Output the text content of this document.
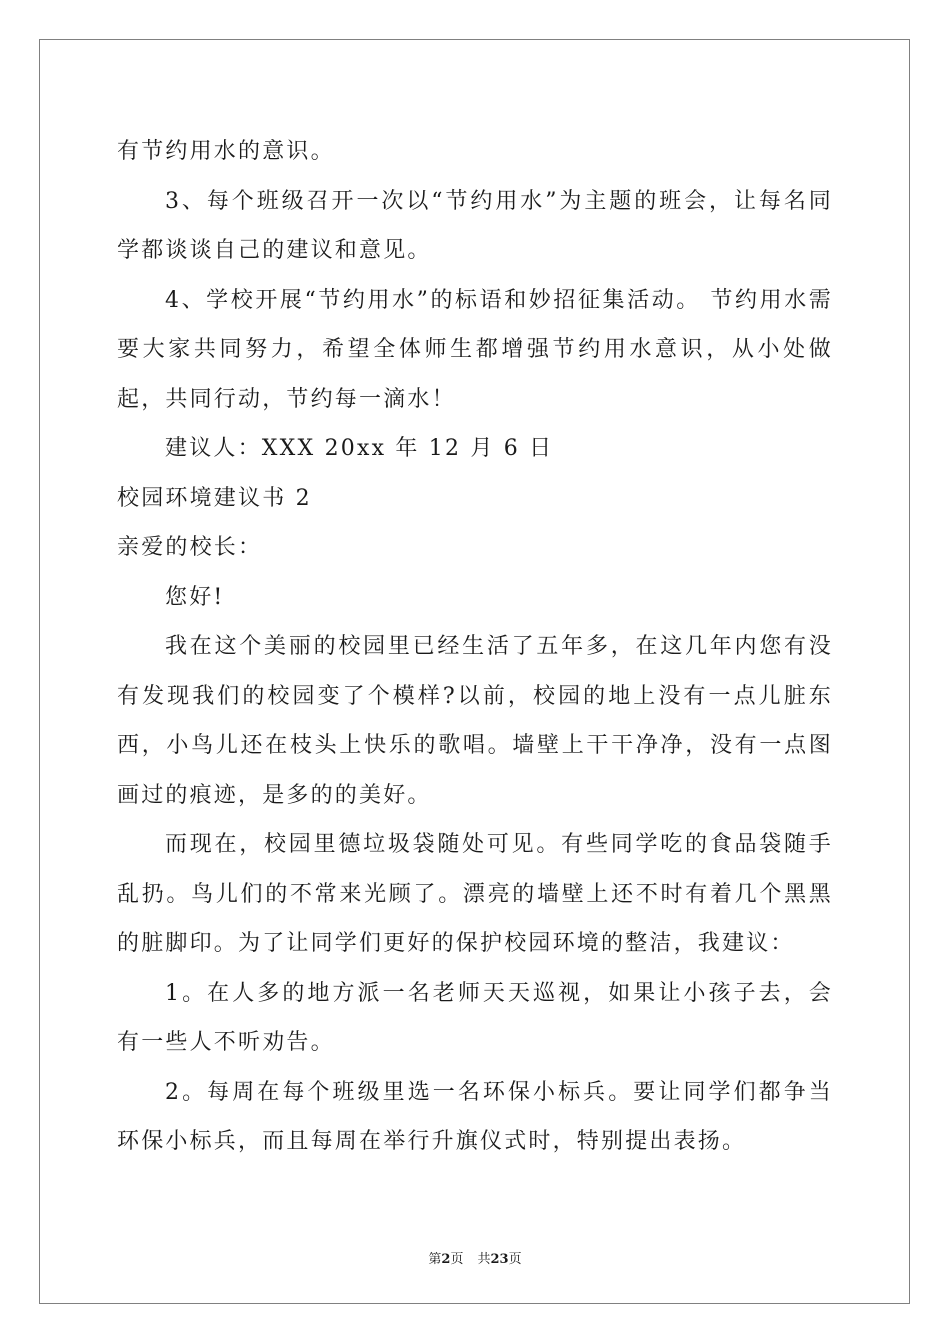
有节约用水的意识。

3、每个班级召开一次以“节约用水”为主题的班会，让每名同学都谈谈自己的建议和意见。

4、学校开展“节约用水”的标语和妙招征集活动。 节约用水需要大家共同努力，希望全体师生都增强节约用水意识，从小处做起，共同行动，节约每一滴水！

建议人：XXX 20xx 年 12 月 6 日

校园环境建议书 2

亲爱的校长：

您好!

我在这个美丽的校园里已经生活了五年多，在这几年内您有没有发现我们的校园变了个模样?以前，校园的地上没有一点儿脏东西，小鸟儿还在枝头上快乐的歌唱。墙壁上干干净净，没有一点图画过的痕迹，是多的的美好。

而现在，校园里德垃圾袋随处可见。有些同学吃的食品袋随手乱扔。鸟儿们的不常来光顾了。漂亮的墙壁上还不时有着几个黑黑的脏脚印。为了让同学们更好的保护校园环境的整洁，我建议：

1。在人多的地方派一名老师天天巡视，如果让小孩子去，会有一些人不听劝告。

2。每周在每个班级里选一名环保小标兵。要让同学们都争当环保小标兵，而且每周在举行升旗仪式时，特别提出表扬。

第2页 共23页
